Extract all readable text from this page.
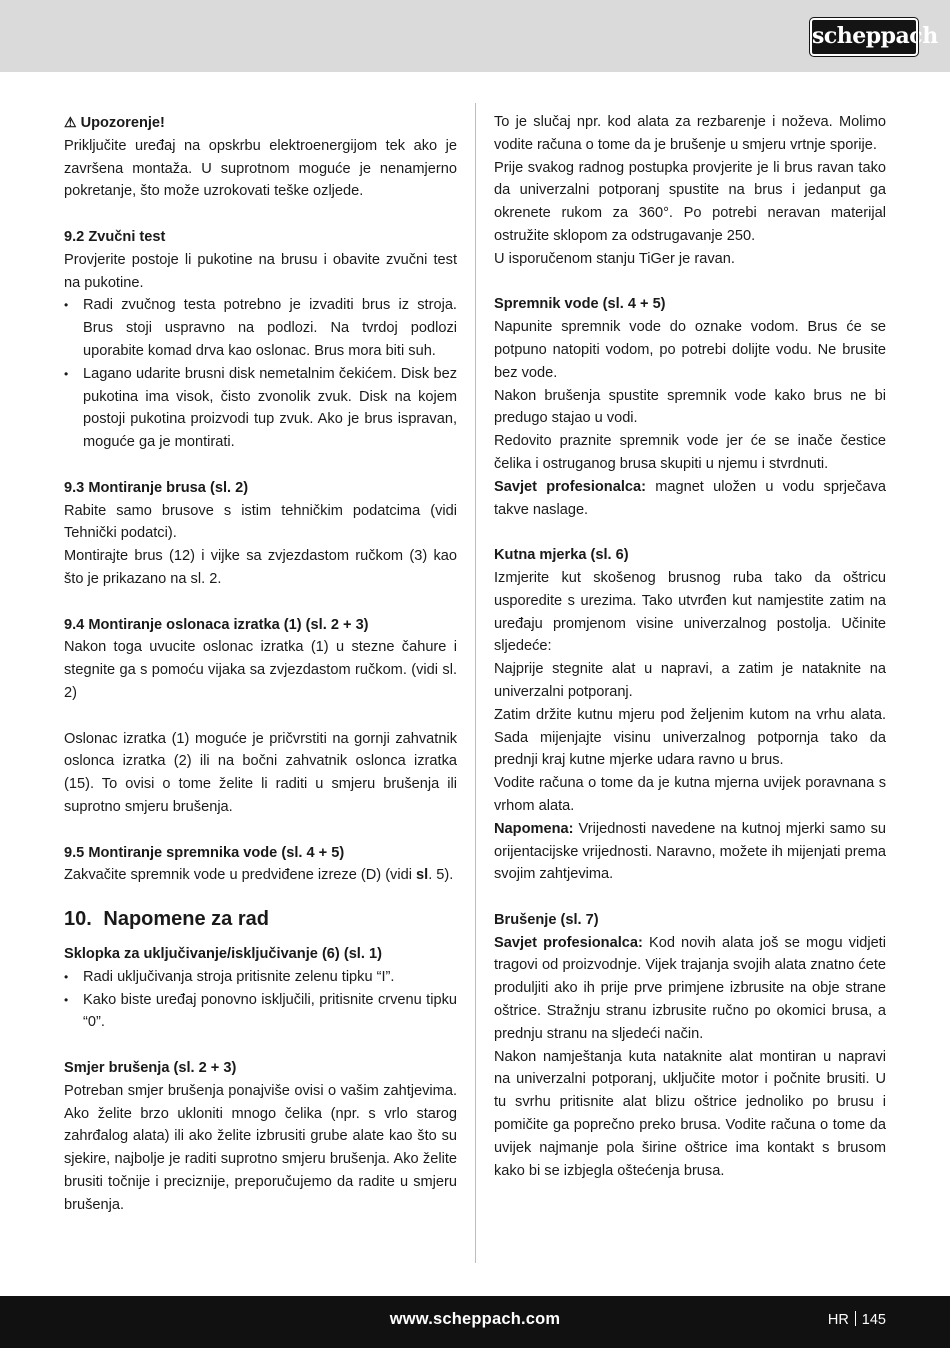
scheppach

⚠ Upozorenje!

Priključite uređaj na opskrbu elektroenergijom tek ako je završena montaža. U suprotnom moguće je nenamjerno pokretanje, što može uzrokovati teške ozljede.

9.2 Zvučni test

Provjerite postoje li pukotine na brusu i obavite zvučni test na pukotine.

• Radi zvučnog testa potrebno je izvaditi brus iz stroja. Brus stoji uspravno na podlozi. Na tvrdoj podlozi uporabite komad drva kao oslonac. Brus mora biti suh.
• Lagano udarite brusni disk nemetalnim čekićem. Disk bez pukotina ima visok, čisto zvonolik zvuk. Disk na kojem postoji pukotina proizvodi tup zvuk. Ako je brus ispravan, moguće ga je montirati.

9.3 Montiranje brusa (sl. 2)

Rabite samo brusove s istim tehničkim podatcima (vidi Tehnički podatci).

Montirajte brus (12) i vijke sa zvjezdastom ručkom (3) kao što je prikazano na sl. 2.

9.4 Montiranje oslonaca izratka (1) (sl. 2 + 3)

Nakon toga uvucite oslonac izratka (1) u stezne čahure i stegnite ga s pomoću vijaka sa zvjezdastom ručkom. (vidi sl. 2)

Oslonac izratka (1) moguće je pričvrstiti na gornji zahvatnik oslonca izratka (2) ili na bočni zahvatnik oslonca izratka (15). To ovisi o tome želite li raditi u smjeru brušenja ili suprotno smjeru brušenja.

9.5 Montiranje spremnika vode (sl. 4 + 5)

Zakvačite spremnik vode u predviđene izreze (D) (vidi sl. 5).

10. Napomene za rad

Sklopka za uključivanje/isključivanje (6) (sl. 1)

• Radi uključivanja stroja pritisnite zelenu tipku “I”.
• Kako biste uređaj ponovno isključili, pritisnite crvenu tipku “0”.

Smjer brušenja (sl. 2 + 3)

Potreban smjer brušenja ponajviše ovisi o vašim zahtjevima. Ako želite brzo ukloniti mnogo čelika (npr. s vrlo starog zahrđalog alata) ili ako želite izbrusiti grube alate kao što su sjekire, najbolje je raditi suprotno smjeru brušenja. Ako želite brusiti točnije i preciznije, preporučujemo da radite u smjeru brušenja.

To je slučaj npr. kod alata za rezbarenje i noževa. Molimo vodite računa o tome da je brušenje u smjeru vrtnje sporije.

Prije svakog radnog postupka provjerite je li brus ravan tako da univerzalni potporanj spustite na brus i jedanput ga okrenete rukom za 360°. Po potrebi neravan materijal ostružite sklopom za odstrugavanje 250.

U isporučenom stanju TiGer je ravan.

Spremnik vode (sl. 4 + 5)

Napunite spremnik vode do oznake vodom. Brus će se potpuno natopiti vodom, po potrebi dolijte vodu. Ne brusite bez vode.

Nakon brušenja spustite spremnik vode kako brus ne bi predugo stajao u vodi.

Redovito praznite spremnik vode jer će se inače čestice čelika i ostruganog brusa skupiti u njemu i stvrdnuti.

Savjet profesionalca: magnet uložen u vodu sprječava takve naslage.

Kutna mjerka (sl. 6)

Izmjerite kut skošenog brusnog ruba tako da oštricu usporedite s urezima. Tako utvrđen kut namjestite zatim na uređaju promjenom visine univerzalnog postolja. Učinite sljedeće:

Najprije stegnite alat u napravi, a zatim je nataknite na univerzalni potporanj.

Zatim držite kutnu mjeru pod željenim kutom na vrhu alata. Sada mijenjajte visinu univerzalnog potpornja tako da prednji kraj kutne mjerke udara ravno u brus.

Vodite računa o tome da je kutna mjerna uvijek poravnana s vrhom alata.

Napomena: Vrijednosti navedene na kutnoj mjerki samo su orijentacijske vrijednosti. Naravno, možete ih mijenjati prema svojim zahtjevima.

Brušenje (sl. 7)

Savjet profesionalca: Kod novih alata još se mogu vidjeti tragovi od proizvodnje. Vijek trajanja svojih alata znatno ćete produljiti ako ih prije prve primjene izbrusite na obje strane oštrice. Stražnju stranu izbrusite ručno po okomici brusa, a prednju stranu na sljedeći način.

Nakon namještanja kuta nataknite alat montiran u napravi na univerzalni potporanj, uključite motor i počnite brusiti. U tu svrhu pritisnite alat blizu oštrice jednoliko po brusu i pomičite ga poprečno preko brusa. Vodite računa o tome da uvijek najmanje pola širine oštrice ima kontakt s brusom kako bi se izbjegla oštećenja brusa.

www.scheppach.com	HR 145
